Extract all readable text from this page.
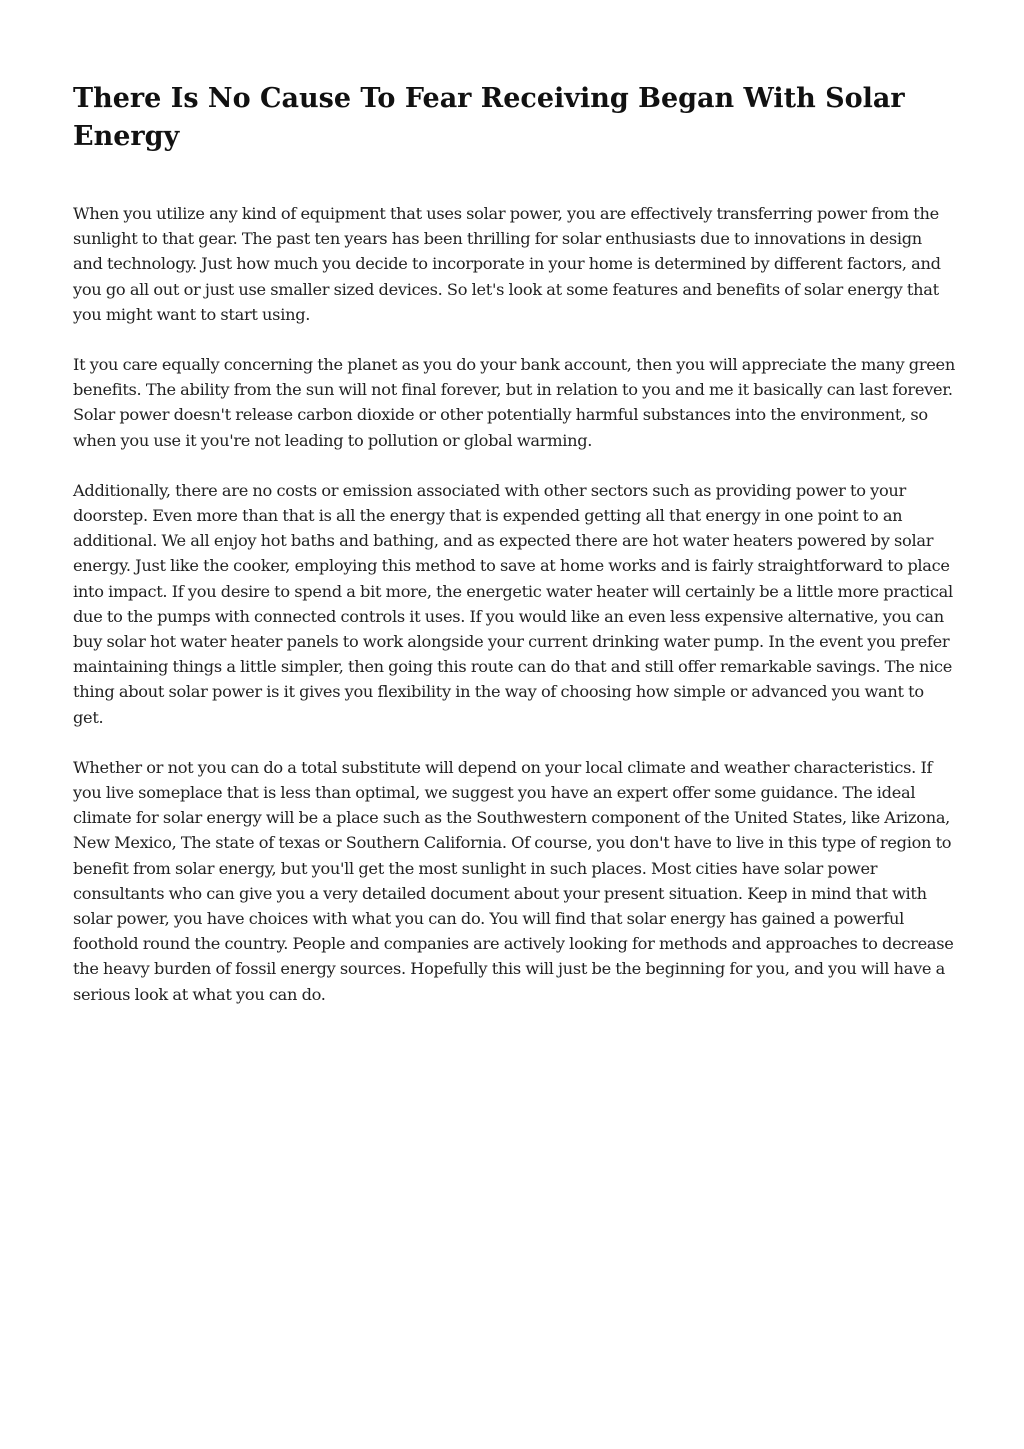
There Is No Cause To Fear Receiving Began With Solar Energy

When you utilize any kind of equipment that uses solar power, you are effectively transferring power from the sunlight to that gear. The past ten years has been thrilling for solar enthusiasts due to innovations in design and technology. Just how much you decide to incorporate in your home is determined by different factors, and you go all out or just use smaller sized devices. So let's look at some features and benefits of solar energy that you might want to start using.

It you care equally concerning the planet as you do your bank account, then you will appreciate the many green benefits. The ability from the sun will not final forever, but in relation to you and me it basically can last forever. Solar power doesn't release carbon dioxide or other potentially harmful substances into the environment, so when you use it you're not leading to pollution or global warming.

Additionally, there are no costs or emission associated with other sectors such as providing power to your doorstep. Even more than that is all the energy that is expended getting all that energy in one point to an additional. We all enjoy hot baths and bathing, and as expected there are hot water heaters powered by solar energy. Just like the cooker, employing this method to save at home works and is fairly straightforward to place into impact. If you desire to spend a bit more, the energetic water heater will certainly be a little more practical due to the pumps with connected controls it uses. If you would like an even less expensive alternative, you can buy solar hot water heater panels to work alongside your current drinking water pump. In the event you prefer maintaining things a little simpler, then going this route can do that and still offer remarkable savings. The nice thing about solar power is it gives you flexibility in the way of choosing how simple or advanced you want to get.

Whether or not you can do a total substitute will depend on your local climate and weather characteristics. If you live someplace that is less than optimal, we suggest you have an expert offer some guidance. The ideal climate for solar energy will be a place such as the Southwestern component of the United States, like Arizona, New Mexico, The state of texas or Southern California. Of course, you don't have to live in this type of region to benefit from solar energy, but you'll get the most sunlight in such places. Most cities have solar power consultants who can give you a very detailed document about your present situation. Keep in mind that with solar power, you have choices with what you can do. You will find that solar energy has gained a powerful foothold round the country. People and companies are actively looking for methods and approaches to decrease the heavy burden of fossil energy sources. Hopefully this will just be the beginning for you, and you will have a serious look at what you can do.
